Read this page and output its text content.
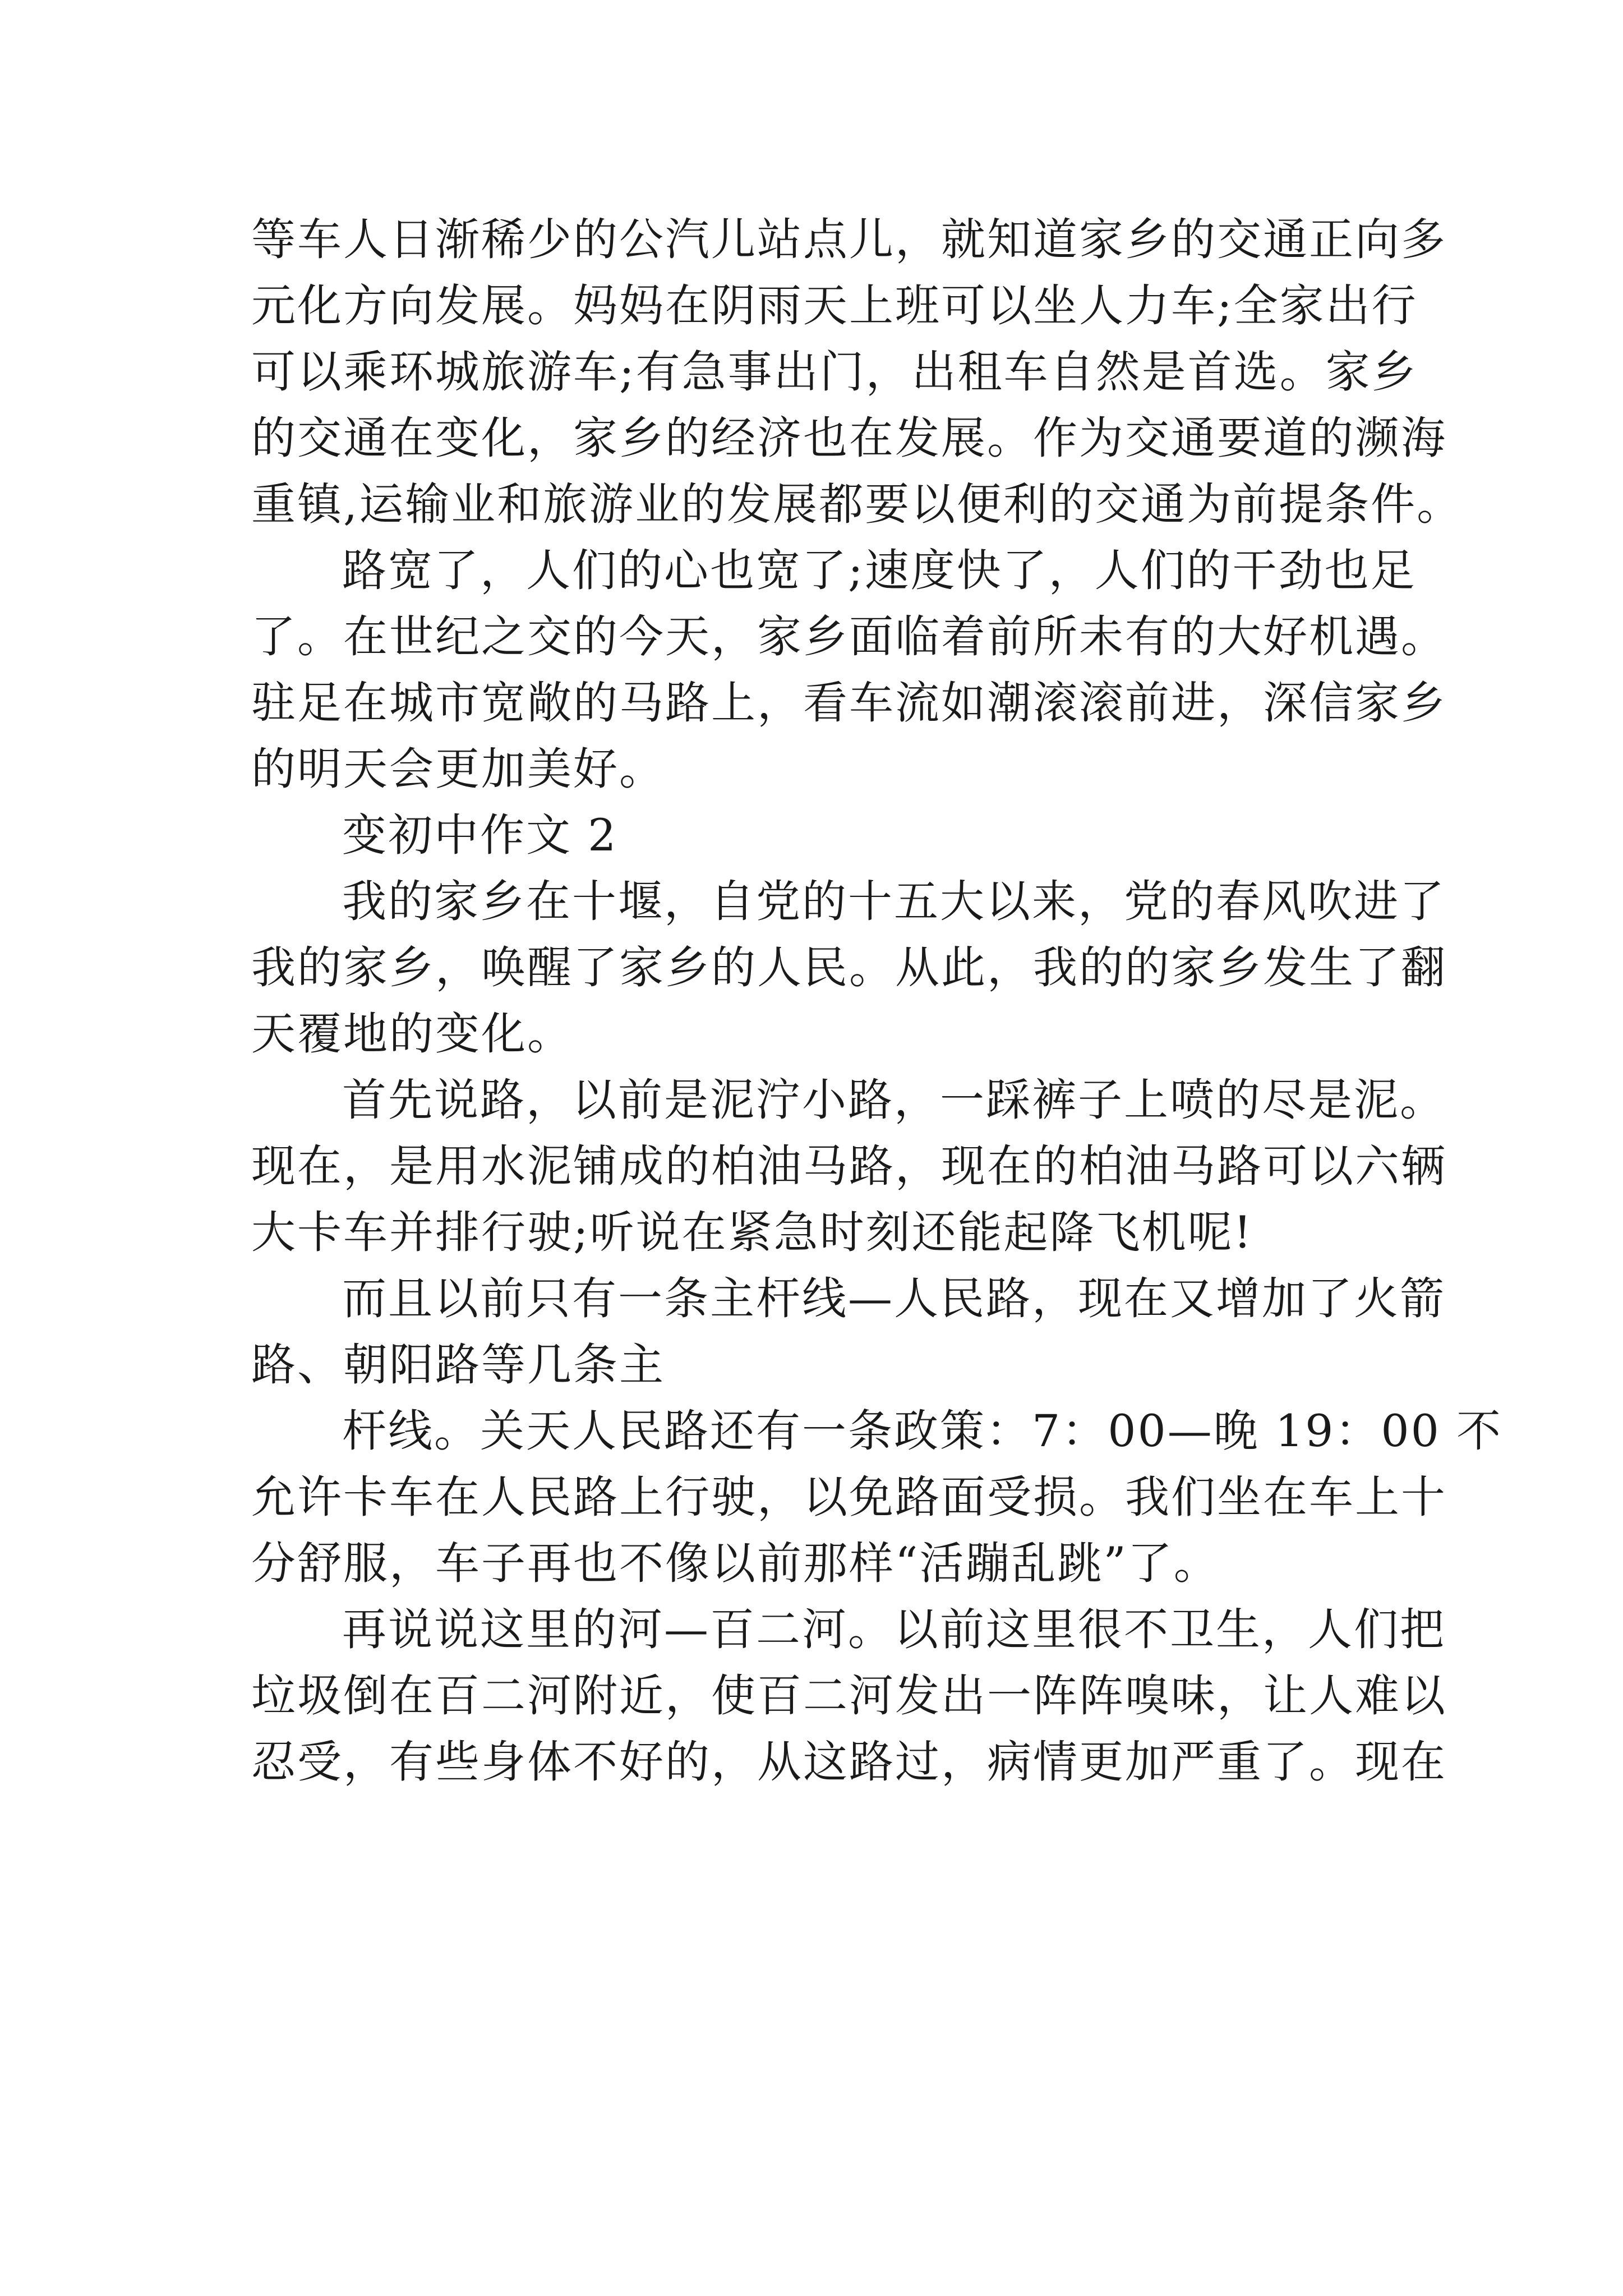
等车人日渐稀少的公汽儿站点儿，就知道家乡的交通正向多
元化方向发展。妈妈在阴雨天上班可以坐人力车;全家出行
可以乘环城旅游车;有急事出门，出租车自然是首选。家乡
的交通在变化，家乡的经济也在发展。作为交通要道的濒海
重镇,运输业和旅游业的发展都要以便利的交通为前提条件。
路宽了，人们的心也宽了;速度快了，人们的干劲也足
了。在世纪之交的今天，家乡面临着前所未有的大好机遇。
驻足在城市宽敞的马路上，看车流如潮滚滚前进，深信家乡
的明天会更加美好。
变初中作文 2
我的家乡在十堰，自党的十五大以来，党的春风吹进了
我的家乡，唤醒了家乡的人民。从此，我的的家乡发生了翻
天覆地的变化。
首先说路，以前是泥泞小路，一踩裤子上喷的尽是泥。
现在，是用水泥铺成的柏油马路，现在的柏油马路可以六辆
大卡车并排行驶;听说在紧急时刻还能起降飞机呢!
而且以前只有一条主杆线—人民路，现在又增加了火箭
路、朝阳路等几条主
杆线。关天人民路还有一条政策：7：00—晚 19：00 不
允许卡车在人民路上行驶，以免路面受损。我们坐在车上十
分舒服，车子再也不像以前那样“活蹦乱跳”了。
再说说这里的河—百二河。以前这里很不卫生，人们把
垃圾倒在百二河附近，使百二河发出一阵阵嗅味，让人难以
忍受，有些身体不好的，从这路过，病情更加严重了。现在
